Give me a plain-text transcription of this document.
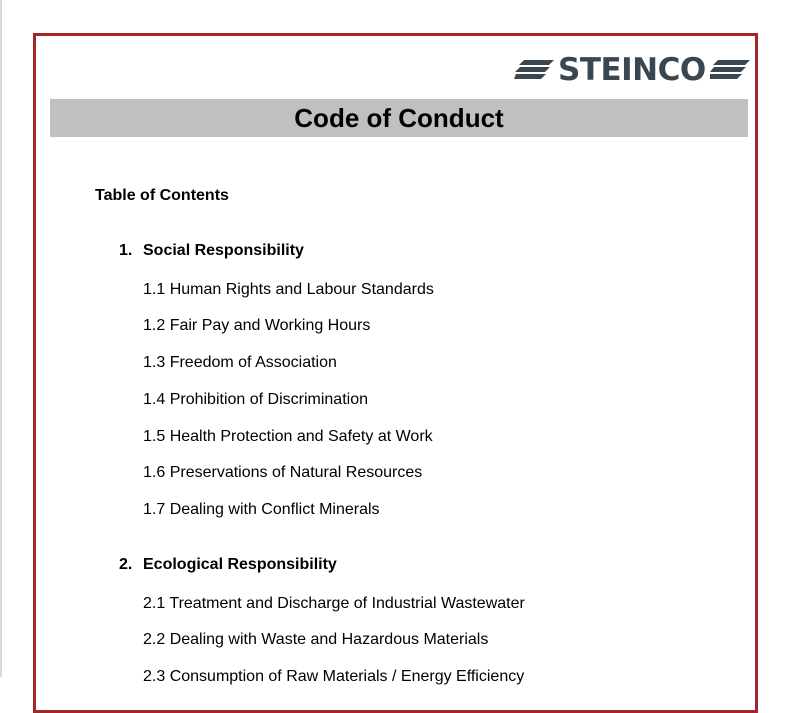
STEINCO
Code of Conduct
Table of Contents
1. Social Responsibility
1.1 Human Rights and Labour Standards
1.2 Fair Pay and Working Hours
1.3 Freedom of Association
1.4 Prohibition of Discrimination
1.5 Health Protection and Safety at Work
1.6 Preservations of Natural Resources
1.7 Dealing with Conflict Minerals
2. Ecological Responsibility
2.1 Treatment and Discharge of Industrial Wastewater
2.2 Dealing with Waste and Hazardous Materials
2.3 Consumption of Raw Materials / Energy Efficiency
